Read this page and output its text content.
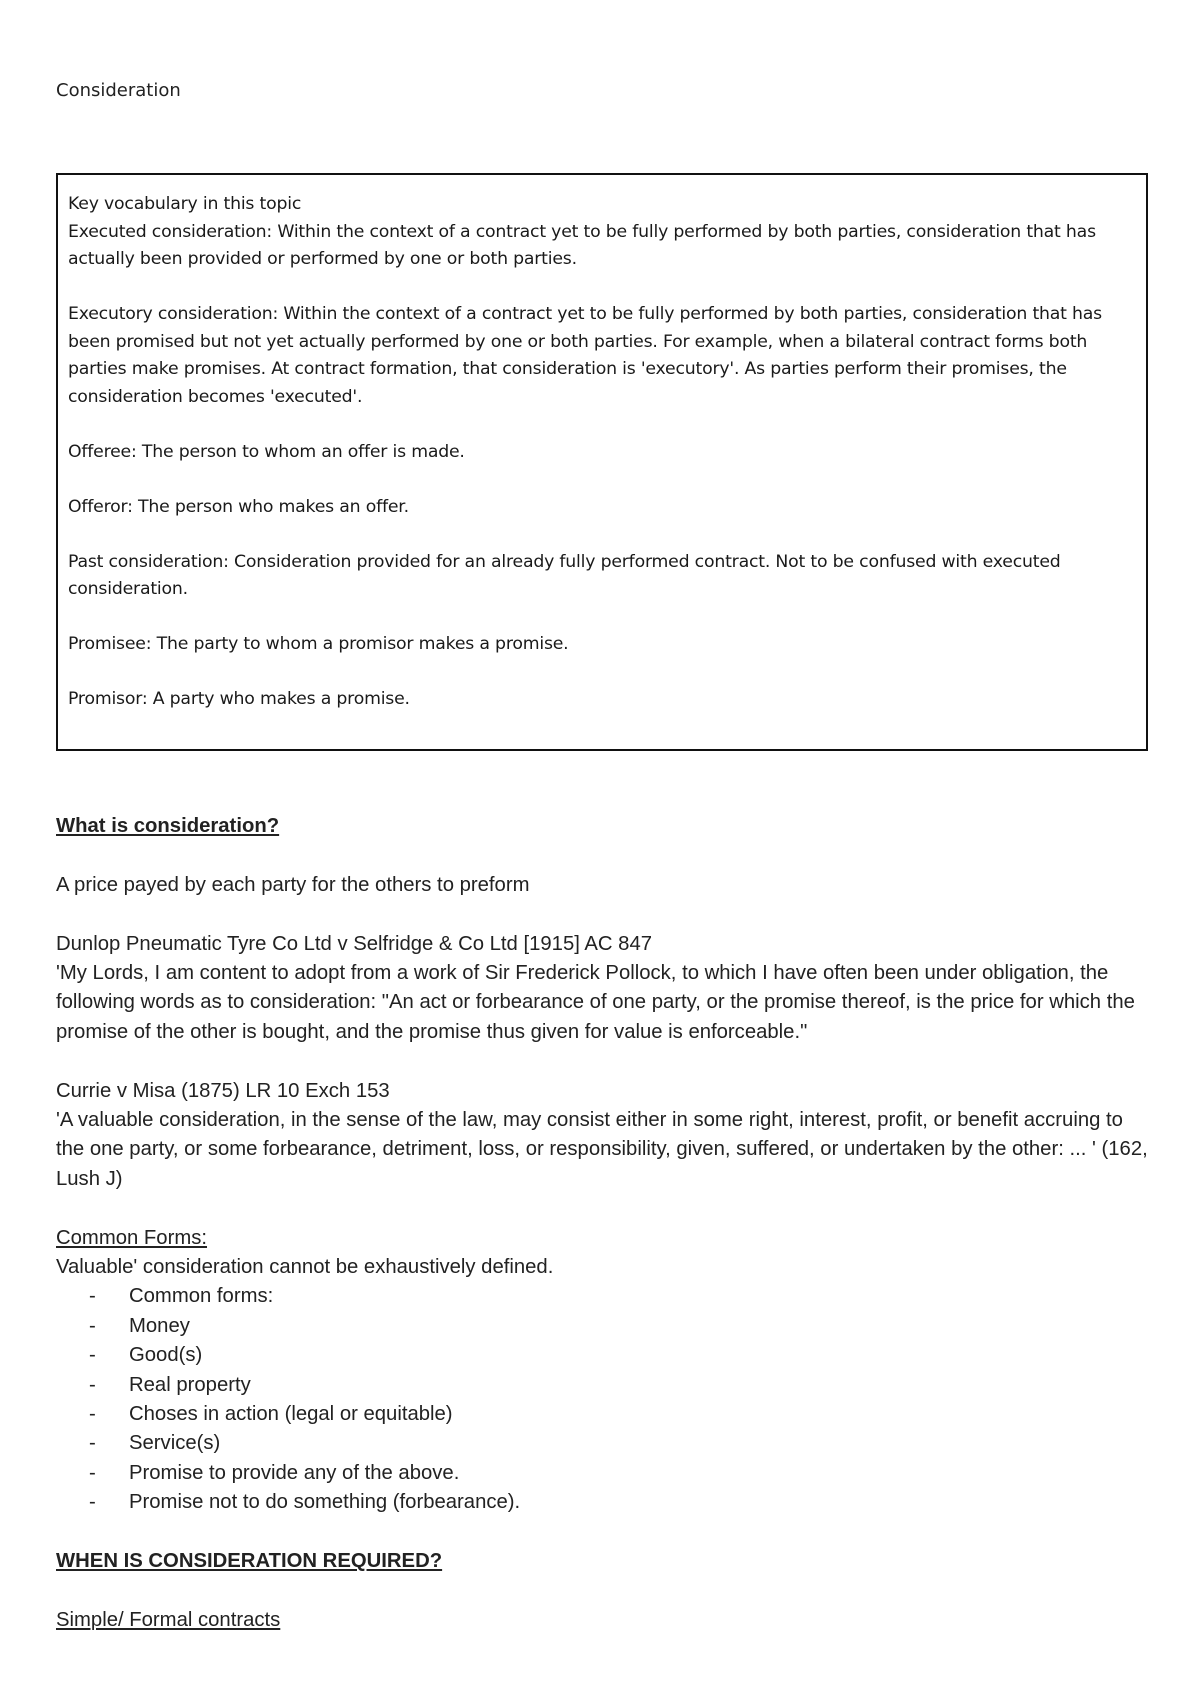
Consideration

Key vocabulary in this topic

Executed consideration: Within the context of a contract yet to be fully performed by both parties, consideration that has actually been provided or performed by one or both parties.

Executory consideration: Within the context of a contract yet to be fully performed by both parties, consideration that has been promised but not yet actually performed by one or both parties. For example, when a bilateral contract forms both parties make promises. At contract formation, that consideration is 'executory'. As parties perform their promises, the consideration becomes 'executed'.

Offeree: The person to whom an offer is made.

Offeror: The person who makes an offer.

Past consideration: Consideration provided for an already fully performed contract. Not to be confused with executed consideration.

Promisee: The party to whom a promisor makes a promise.

Promisor: A party who makes a promise.

What is consideration?

A price payed by each party for the others to preform

Dunlop Pneumatic Tyre Co Ltd v Selfridge & Co Ltd [1915] AC 847

'My Lords, I am content to adopt from a work of Sir Frederick Pollock, to which I have often been under obligation, the following words as to consideration: "An act or forbearance of one party, or the promise thereof, is the price for which the promise of the other is bought, and the promise thus given for value is enforceable."

Currie v Misa (1875) LR 10 Exch 153

'A valuable consideration, in the sense of the law, may consist either in some right, interest, profit, or benefit accruing to the one party, or some forbearance, detriment, loss, or responsibility, given, suffered, or undertaken by the other: ... ' (162, Lush J)

Common Forms:

Valuable' consideration cannot be exhaustively defined.

- Common forms:
- Money
- Good(s)
- Real property
- Choses in action (legal or equitable)
- Service(s)
- Promise to provide any of the above.
- Promise not to do something (forbearance).

WHEN IS CONSIDERATION REQUIRED?

Simple/ Formal contracts
